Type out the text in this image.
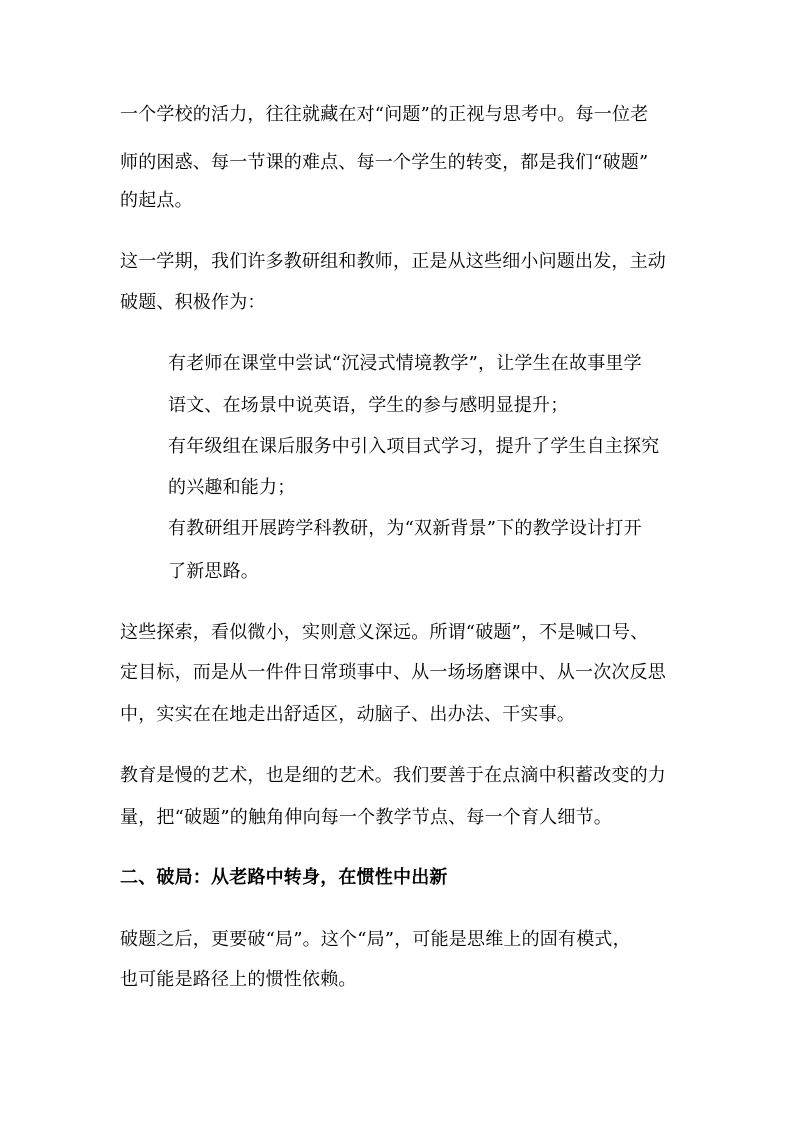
一个学校的活力，往往就藏在对“问题”的正视与思考中。每一位老
师的困惑、每一节课的难点、每一个学生的转变，都是我们“破题”
的起点。
这一学期，我们许多教研组和教师，正是从这些细小问题出发，主动
破题、积极作为：
有老师在课堂中尝试“沉浸式情境教学”，让学生在故事里学
语文、在场景中说英语，学生的参与感明显提升；
有年级组在课后服务中引入项目式学习，提升了学生自主探究
的兴趣和能力；
有教研组开展跨学科教研，为“双新背景”下的教学设计打开
了新思路。
这些探索，看似微小，实则意义深远。所谓“破题”，不是喊口号、
定目标，而是从一件件日常琐事中、从一场场磨课中、从一次次反思
中，实实在在地走出舒适区，动脑子、出办法、干实事。
教育是慢的艺术，也是细的艺术。我们要善于在点滴中积蓄改变的力
量，把“破题”的触角伸向每一个教学节点、每一个育人细节。
二、破局：从老路中转身，在惯性中出新
破题之后，更要破“局”。这个“局”，可能是思维上的固有模式，
也可能是路径上的惯性依赖。
